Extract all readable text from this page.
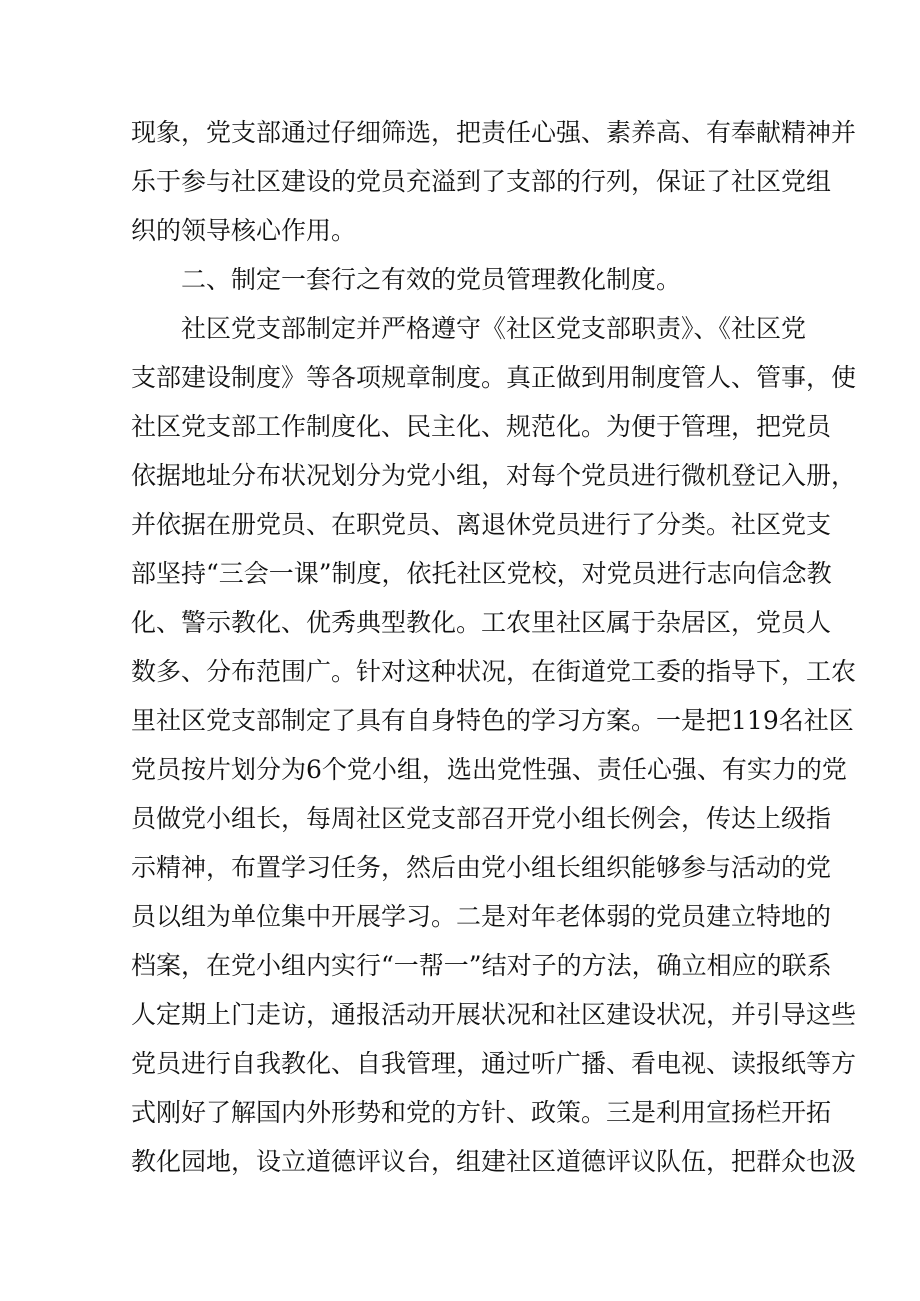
现象，党支部通过仔细筛选，把责任心强、素养高、有奉献精神并
乐于参与社区建设的党员充溢到了支部的行列，保证了社区党组
织的领导核心作用。
二、制定一套行之有效的党员管理教化制度。
社区党支部制定并严格遵守《社区党支部职责》、《社区党
支部建设制度》等各项规章制度。真正做到用制度管人、管事，使
社区党支部工作制度化、民主化、规范化。为便于管理，把党员
依据地址分布状况划分为党小组，对每个党员进行微机登记入册，
并依据在册党员、在职党员、离退休党员进行了分类。社区党支
部坚持“三会一课”制度，依托社区党校，对党员进行志向信念教
化、警示教化、优秀典型教化。工农里社区属于杂居区，党员人
数多、分布范围广。针对这种状况，在街道党工委的指导下，工农
里社区党支部制定了具有自身特色的学习方案。一是把119名社区
党员按片划分为6个党小组，选出党性强、责任心强、有实力的党
员做党小组长，每周社区党支部召开党小组长例会，传达上级指
示精神，布置学习任务，然后由党小组长组织能够参与活动的党
员以组为单位集中开展学习。二是对年老体弱的党员建立特地的
档案，在党小组内实行“一帮一”结对子的方法，确立相应的联系
人定期上门走访，通报活动开展状况和社区建设状况，并引导这些
党员进行自我教化、自我管理，通过听广播、看电视、读报纸等方
式刚好了解国内外形势和党的方针、政策。三是利用宣扬栏开拓
教化园地，设立道德评议台，组建社区道德评议队伍，把群众也汲
